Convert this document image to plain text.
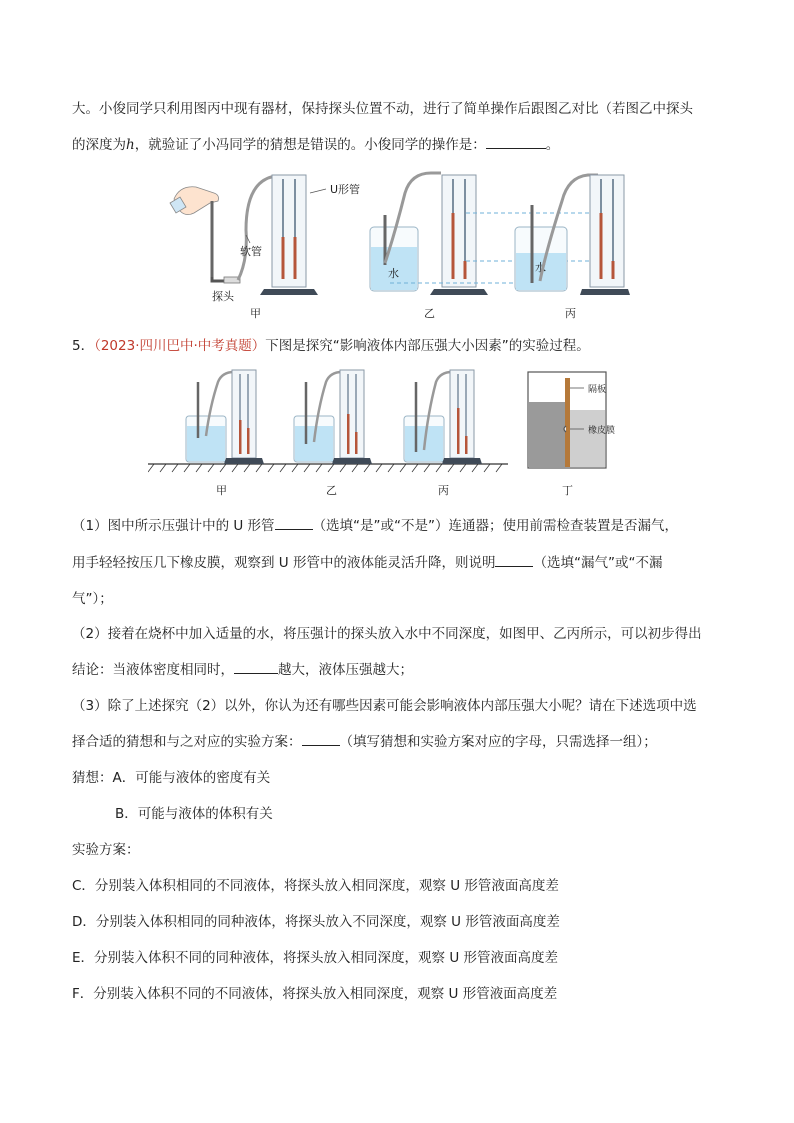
大。小俊同学只利用图丙中现有器材，保持探头位置不动，进行了简单操作后跟图乙对比（若图乙中探头
的深度为h，就验证了小冯同学的猜想是错误的。小俊同学的操作是：	。
U形管
软管
探头
甲
水
乙
水
丙
5．（2023·四川巴中·中考真题）下图是探究“影响液体内部压强大小因素”的实验过程。
甲	乙	丙
隔板
橡皮膜
丁
（1）图中所示压强计中的 U 形管	（选填“是”或“不是”）连通器；使用前需检查装置是否漏气，
用手轻轻按压几下橡皮膜，观察到 U 形管中的液体能灵活升降，则说明	（选填“漏气”或“不漏
气”）；
（2）接着在烧杯中加入适量的水，将压强计的探头放入水中不同深度，如图甲、乙丙所示，可以初步得出
结论：当液体密度相同时，	越大，液体压强越大；
（3）除了上述探究（2）以外，你认为还有哪些因素可能会影响液体内部压强大小呢？请在下述选项中选
择合适的猜想和与之对应的实验方案：	（填写猜想和实验方案对应的字母，只需选择一组）；
猜想：A．可能与液体的密度有关
B．可能与液体的体积有关
实验方案：
C．分别装入体积相同的不同液体，将探头放入相同深度，观察 U 形管液面高度差
D．分别装入体积相同的同种液体，将探头放入不同深度，观察 U 形管液面高度差
E．分别装入体积不同的同种液体，将探头放入相同深度，观察 U 形管液面高度差
F．分别装入体积不同的不同液体，将探头放入相同深度，观察 U 形管液面高度差
